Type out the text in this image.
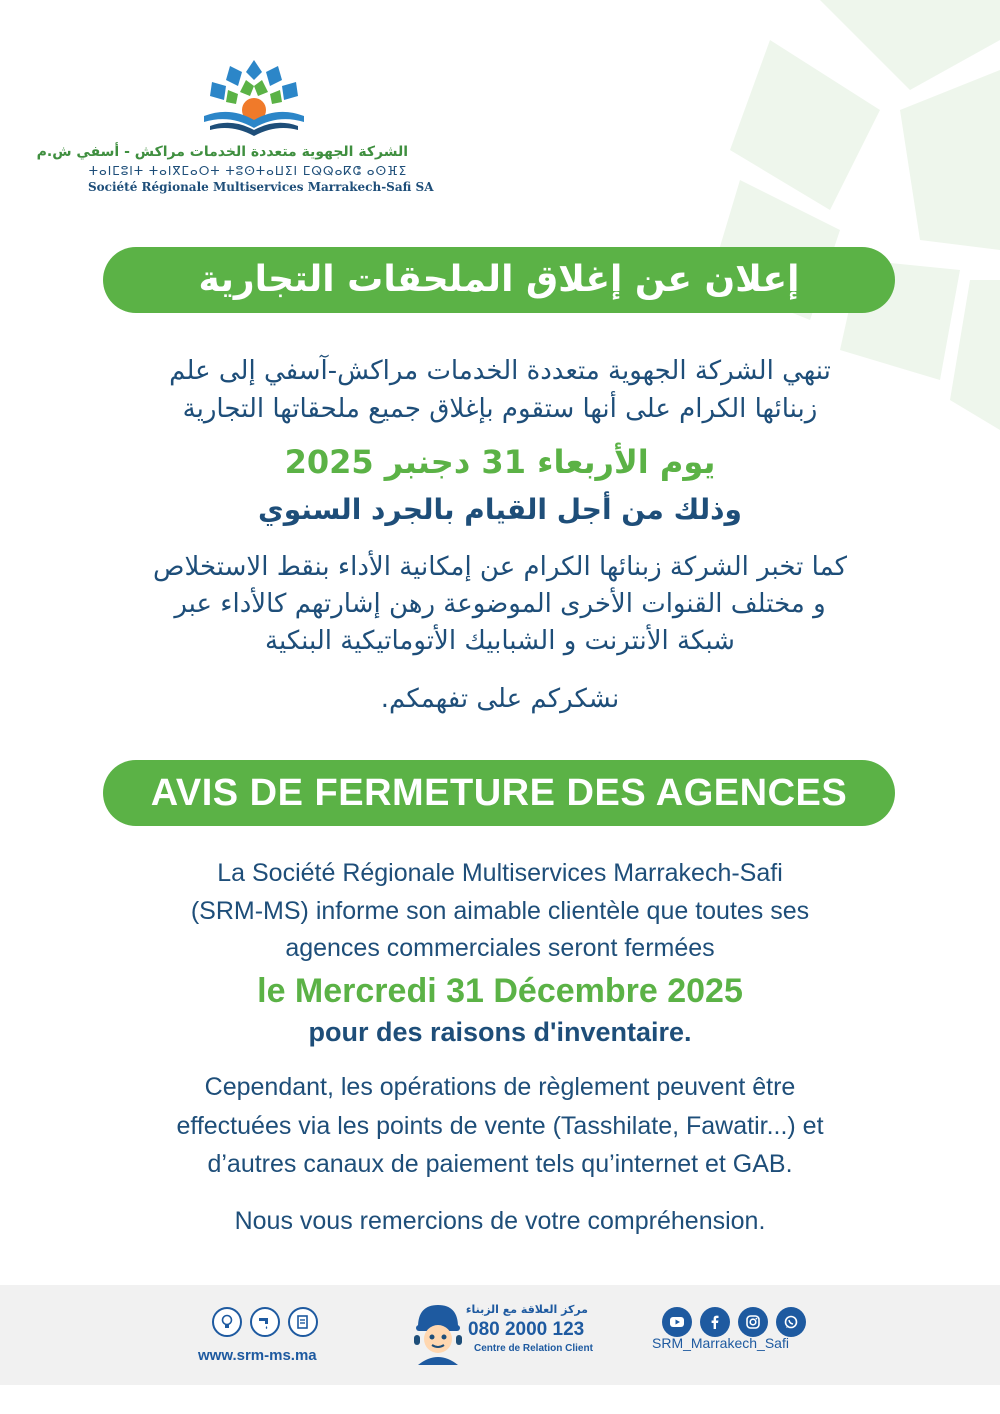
الشركة الجهوية متعددة الخدمات مراكش - أسفي ش.م
ⵜⴰⵏⵎⵓⵏⵜ ⵜⴰⵏⴳⵎⴰⵔⵜ ⵜⵓⵙⵜⴰⵡⵉⵏ ⵎⵕⵕⴰⴽⵛ ⴰⵙⴼⵉ
Société Régionale Multiservices Marrakech-Safi SA
إعلان عن إغلاق الملحقات التجارية
تنهي الشركة الجهوية متعددة الخدمات مراكش-آسفي إلى علم
زبنائها الكرام على أنها ستقوم بإغلاق جميع ملحقاتها التجارية
يوم الأربعاء 31 دجنبر 2025
وذلك من أجل القيام بالجرد السنوي
كما تخبر الشركة زبنائها الكرام عن إمكانية الأداء بنقط الاستخلاص
و مختلف القنوات الأخرى الموضوعة رهن إشارتهم كالأداء عبر
شبكة الأنترنت و الشبابيك الأتوماتيكية البنكية
نشكركم على تفهمكم.
AVIS DE FERMETURE DES AGENCES
La Société Régionale Multiservices Marrakech-Safi
(SRM-MS) informe son aimable clientèle que toutes ses
agences commerciales seront fermées
le Mercredi 31 Décembre 2025
pour des raisons d'inventaire.
Cependant, les opérations de règlement peuvent être
effectuées via les points de vente (Tasshilate, Fawatir...) et
d’autres canaux de paiement tels qu’internet et GAB.
Nous vous remercions de votre compréhension.
www.srm-ms.ma
مركز العلاقة مع الزبناء
080 2000 123
Centre de Relation Client	SRM_Marrakech_Safi
